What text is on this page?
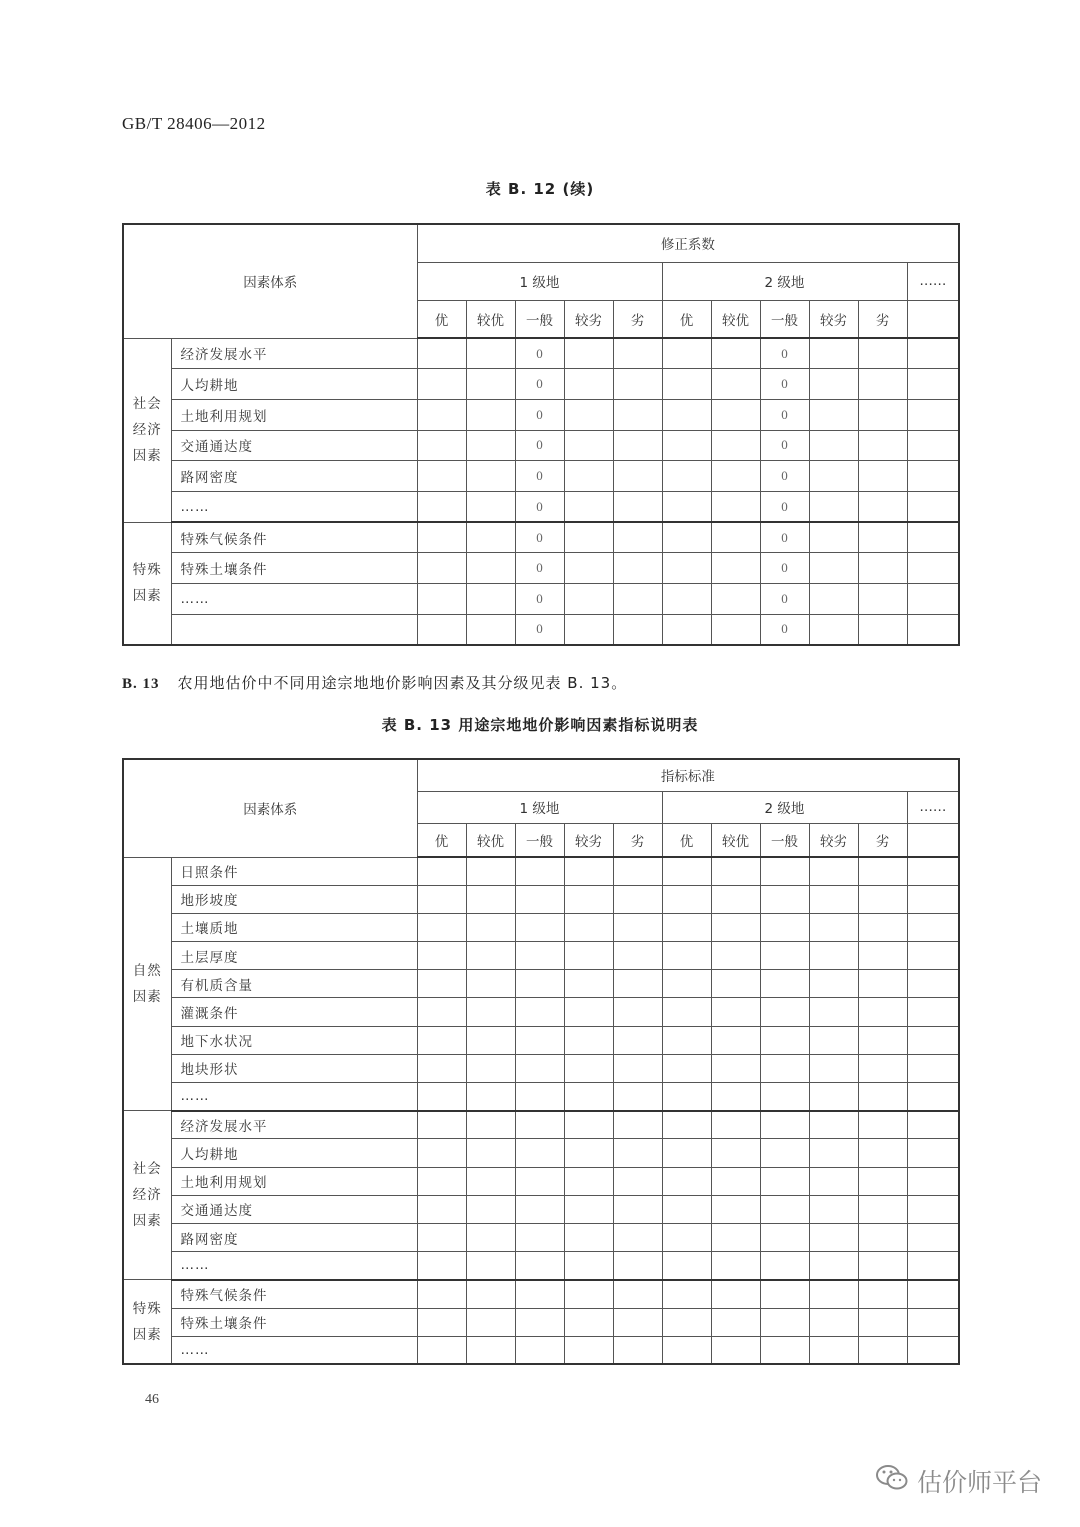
GB/T 28406—2012
表 B. 12 (续)
因素体系		修正系数										
		1 级地					2 级地					……
		优	较优	一般	较劣	劣	优	较优	一般	较劣	劣	

社会经济因素	经济发展水平			0					0			
	人均耕地			0					0			
	土地利用规划			0					0			
	交通通达度			0					0			
	路网密度			0					0			
	……			0					0			

特殊因素	特殊气候条件			0					0			
	特殊土壤条件			0					0			
	……			0					0			
				0					0			
B. 13 农用地估价中不同用途宗地地价影响因素及其分级见表 B. 13。
表 B. 13 用途宗地地价影响因素指标说明表
因素体系		指标标准										
		1 级地					2 级地					……
		优	较优	一般	较劣	劣	优	较优	一般	较劣	劣	

自然因素	日照条件											
	地形坡度											
	土壤质地											
	土层厚度											
	有机质含量											
	灌溉条件											
	地下水状况											
	地块形状											
	……											

社会经济因素	经济发展水平											
	人均耕地											
	土地利用规划											
	交通通达度											
	路网密度											
	……											

特殊因素	特殊气候条件											
	特殊土壤条件											
	……											
46
估价师平台
